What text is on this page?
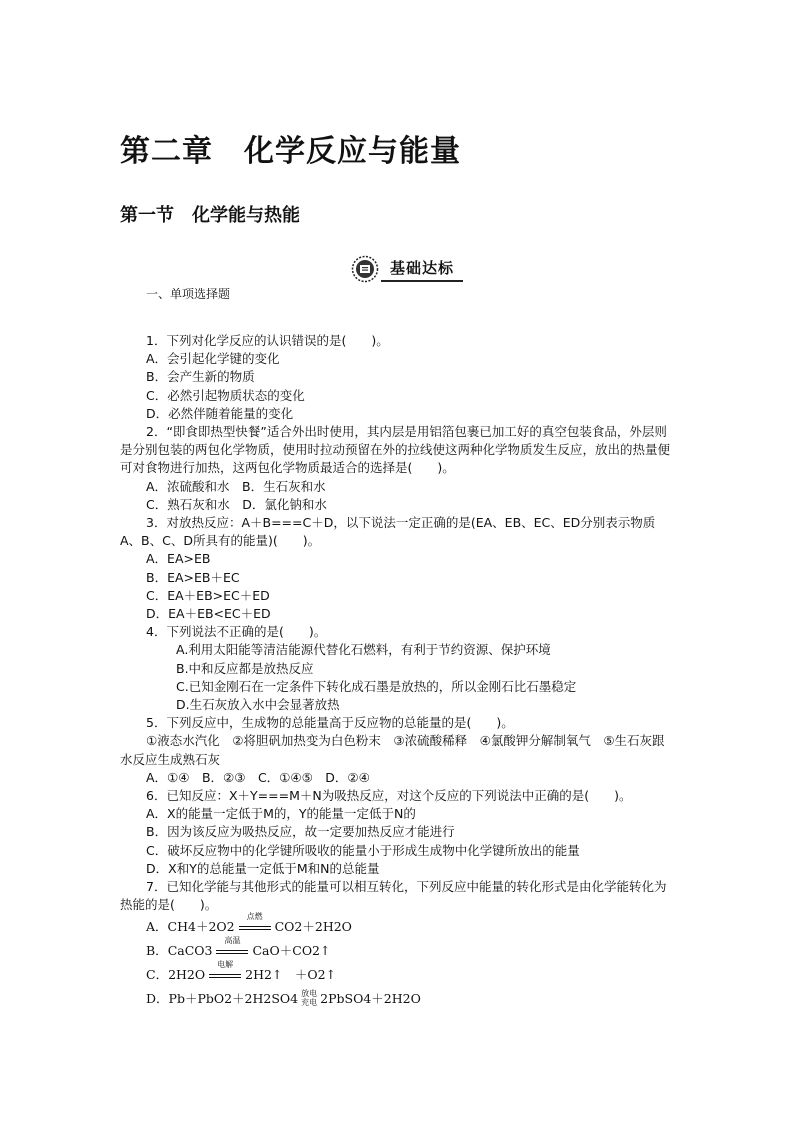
第二章　化学反应与能量
第一节　化学能与热能
基础达标
一、单项选择题
1．下列对化学反应的认识错误的是(　　)。
A．会引起化学键的变化
B．会产生新的物质
C．必然引起物质状态的变化
D．必然伴随着能量的变化
2．“即食即热型快餐”适合外出时使用，其内层是用铝箔包裹已加工好的真空包装食品，外层则是分别包装的两包化学物质，使用时拉动预留在外的拉线使这两种化学物质发生反应，放出的热量便可对食物进行加热，这两包化学物质最适合的选择是(　　)。
A．浓硫酸和水　B．生石灰和水
C．熟石灰和水　D．氯化钠和水
3．对放热反应：A＋B===C＋D，以下说法一定正确的是(EA、EB、EC、ED分别表示物质A、B、C、D所具有的能量)(　　)。
A．EA>EB
B．EA>EB＋EC
C．EA＋EB>EC＋ED
D．EA＋EB<EC＋ED
4．下列说法不正确的是(　　)。
A.利用太阳能等清洁能源代替化石燃料，有利于节约资源、保护环境
B.中和反应都是放热反应
C.已知金刚石在一定条件下转化成石墨是放热的，所以金刚石比石墨稳定
D.生石灰放入水中会显著放热
5．下列反应中，生成物的总能量高于反应物的总能量的是(　　)。
①液态水汽化　②将胆矾加热变为白色粉末　③浓硫酸稀释　④氯酸钾分解制氧气　⑤生石灰跟水反应生成熟石灰
A．①④　B．②③　C．①④⑤　D．②④
6．已知反应：X＋Y===M＋N为吸热反应，对这个反应的下列说法中正确的是(　　)。
A．X的能量一定低于M的，Y的能量一定低于N的
B．因为该反应为吸热反应，故一定要加热反应才能进行
C．破坏反应物中的化学键所吸收的能量小于形成生成物中化学键所放出的能量
D．X和Y的总能量一定低于M和N的总能量
7．已知化学能与其他形式的能量可以相互转化，下列反应中能量的转化形式是由化学能转化为热能的是(　　)。
A．CH4＋2O2
点燃
CO2＋2H2O
B．CaCO3
高温
CaO＋CO2↑
C．2H2O
电解
2H2↑　＋O2↑
D．Pb＋PbO2＋2H2SO4 放电
充电 2PbSO4＋2H2O
